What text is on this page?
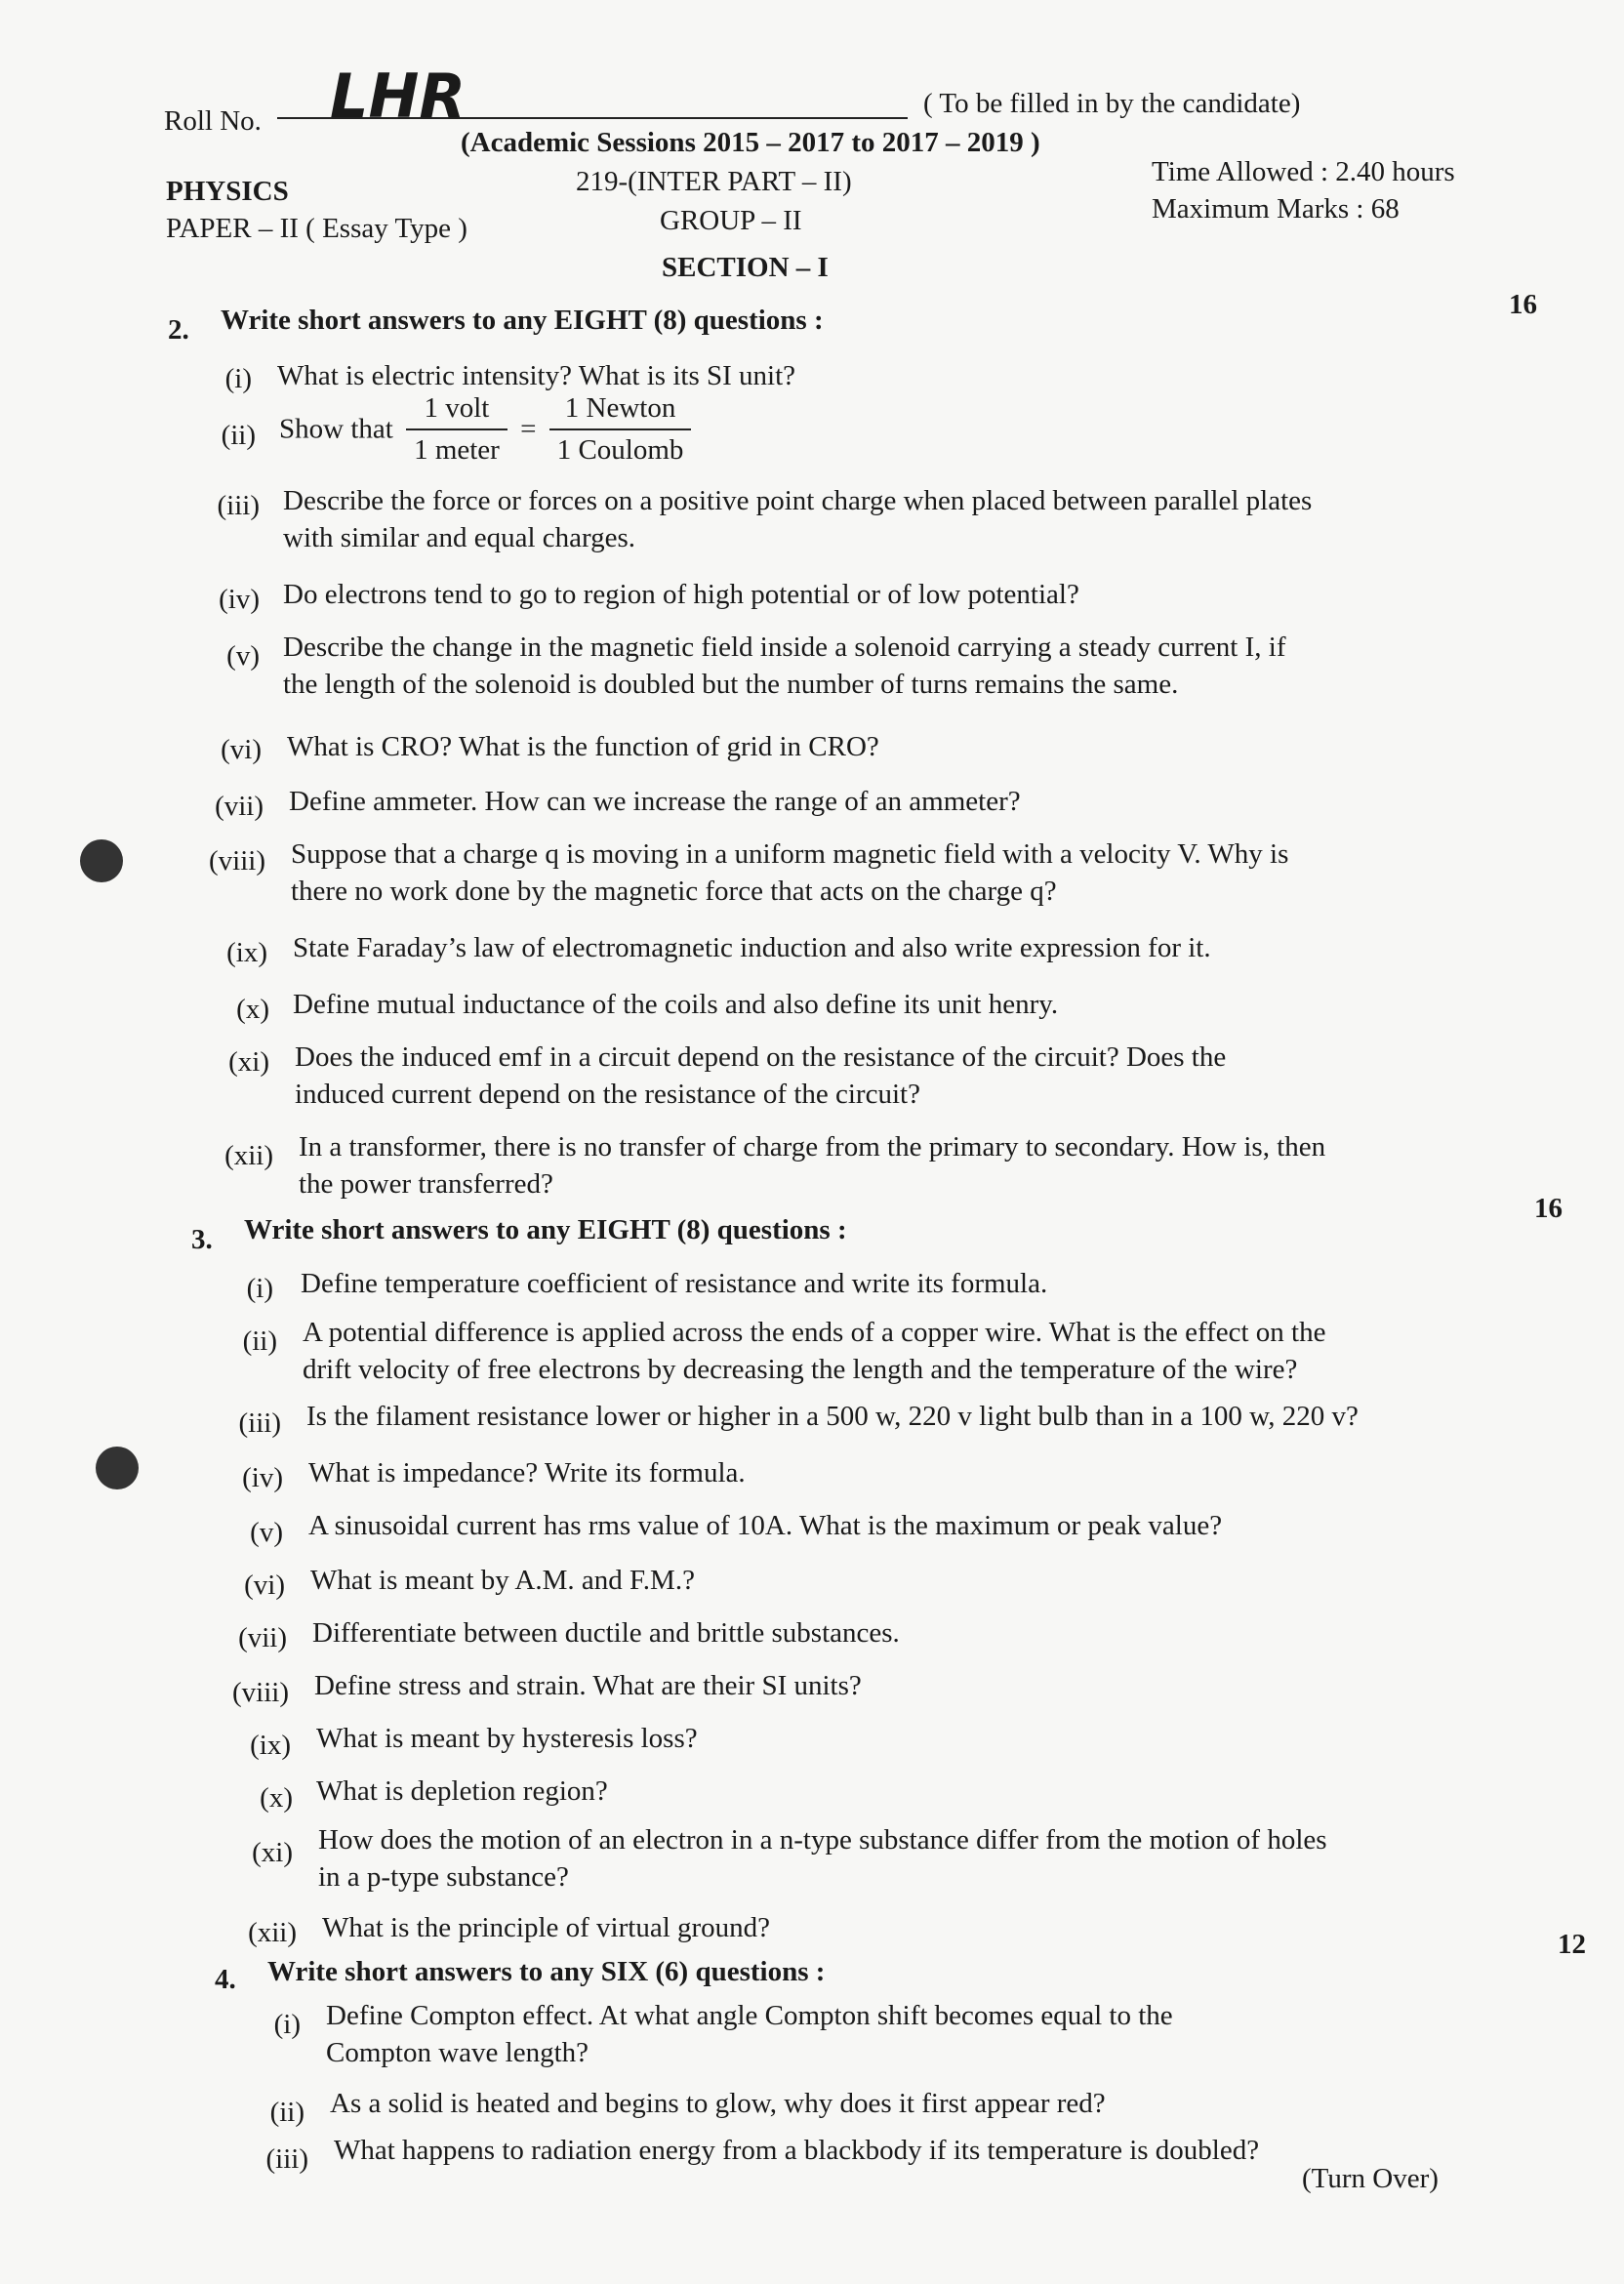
Roll No. LHR	( To be filled in by the candidate)
(Academic Sessions 2015 – 2017 to 2017 – 2019 )
PHYSICS
PAPER – II ( Essay Type )
219-(INTER PART – II)
GROUP – II
Time Allowed : 2.40 hours
Maximum Marks : 68
SECTION – I
2. Write short answers to any EIGHT (8) questions :	16
(i) What is electric intensity? What is its SI unit?
(ii) Show that $\frac{\text{1 volt}}{\text{1 meter}} = \frac{\text{1 Newton}}{\text{1 Coulomb}}$
(iii) Describe the force or forces on a positive point charge when placed between parallel plates
with similar and equal charges.
(iv) Do electrons tend to go to region of high potential or of low potential?
(v) Describe the change in the magnetic field inside a solenoid carrying a steady current I, if
the length of the solenoid is doubled but the number of turns remains the same.
(vi) What is CRO? What is the function of grid in CRO?
(vii) Define ammeter. How can we increase the range of an ammeter?
(viii) Suppose that a charge q is moving in a uniform magnetic field with a velocity V. Why is
there no work done by the magnetic force that acts on the charge q?
(ix) State Faraday’s law of electromagnetic induction and also write expression for it.
(x) Define mutual inductance of the coils and also define its unit henry.
(xi) Does the induced emf in a circuit depend on the resistance of the circuit? Does the
induced current depend on the resistance of the circuit?
(xii) In a transformer, there is no transfer of charge from the primary to secondary. How is, then
the power transferred?
3. Write short answers to any EIGHT (8) questions :
16
(i) Define temperature coefficient of resistance and write its formula.
(ii) A potential difference is applied across the ends of a copper wire. What is the effect on the
drift velocity of free electrons by decreasing the length and the temperature of the wire?
(iii) Is the filament resistance lower or higher in a 500 w, 220 v light bulb than in a 100 w, 220 v?
(iv) What is impedance? Write its formula.
(v) A sinusoidal current has rms value of 10A. What is the maximum or peak value?
(vi) What is meant by A.M. and F.M.?
(vii) Differentiate between ductile and brittle substances.
(viii) Define stress and strain. What are their SI units?
(ix) What is meant by hysteresis loss?
(x) What is depletion region?
(xi) How does the motion of an electron in a n-type substance differ from the motion of holes
in a p-type substance?
(xii) What is the principle of virtual ground?
4. Write short answers to any SIX (6) questions :
12
(i) Define Compton effect. At what angle Compton shift becomes equal to the
Compton wave length?
(ii) As a solid is heated and begins to glow, why does it first appear red?
(iii) What happens to radiation energy from a blackbody if its temperature is doubled?
(Turn Over)
